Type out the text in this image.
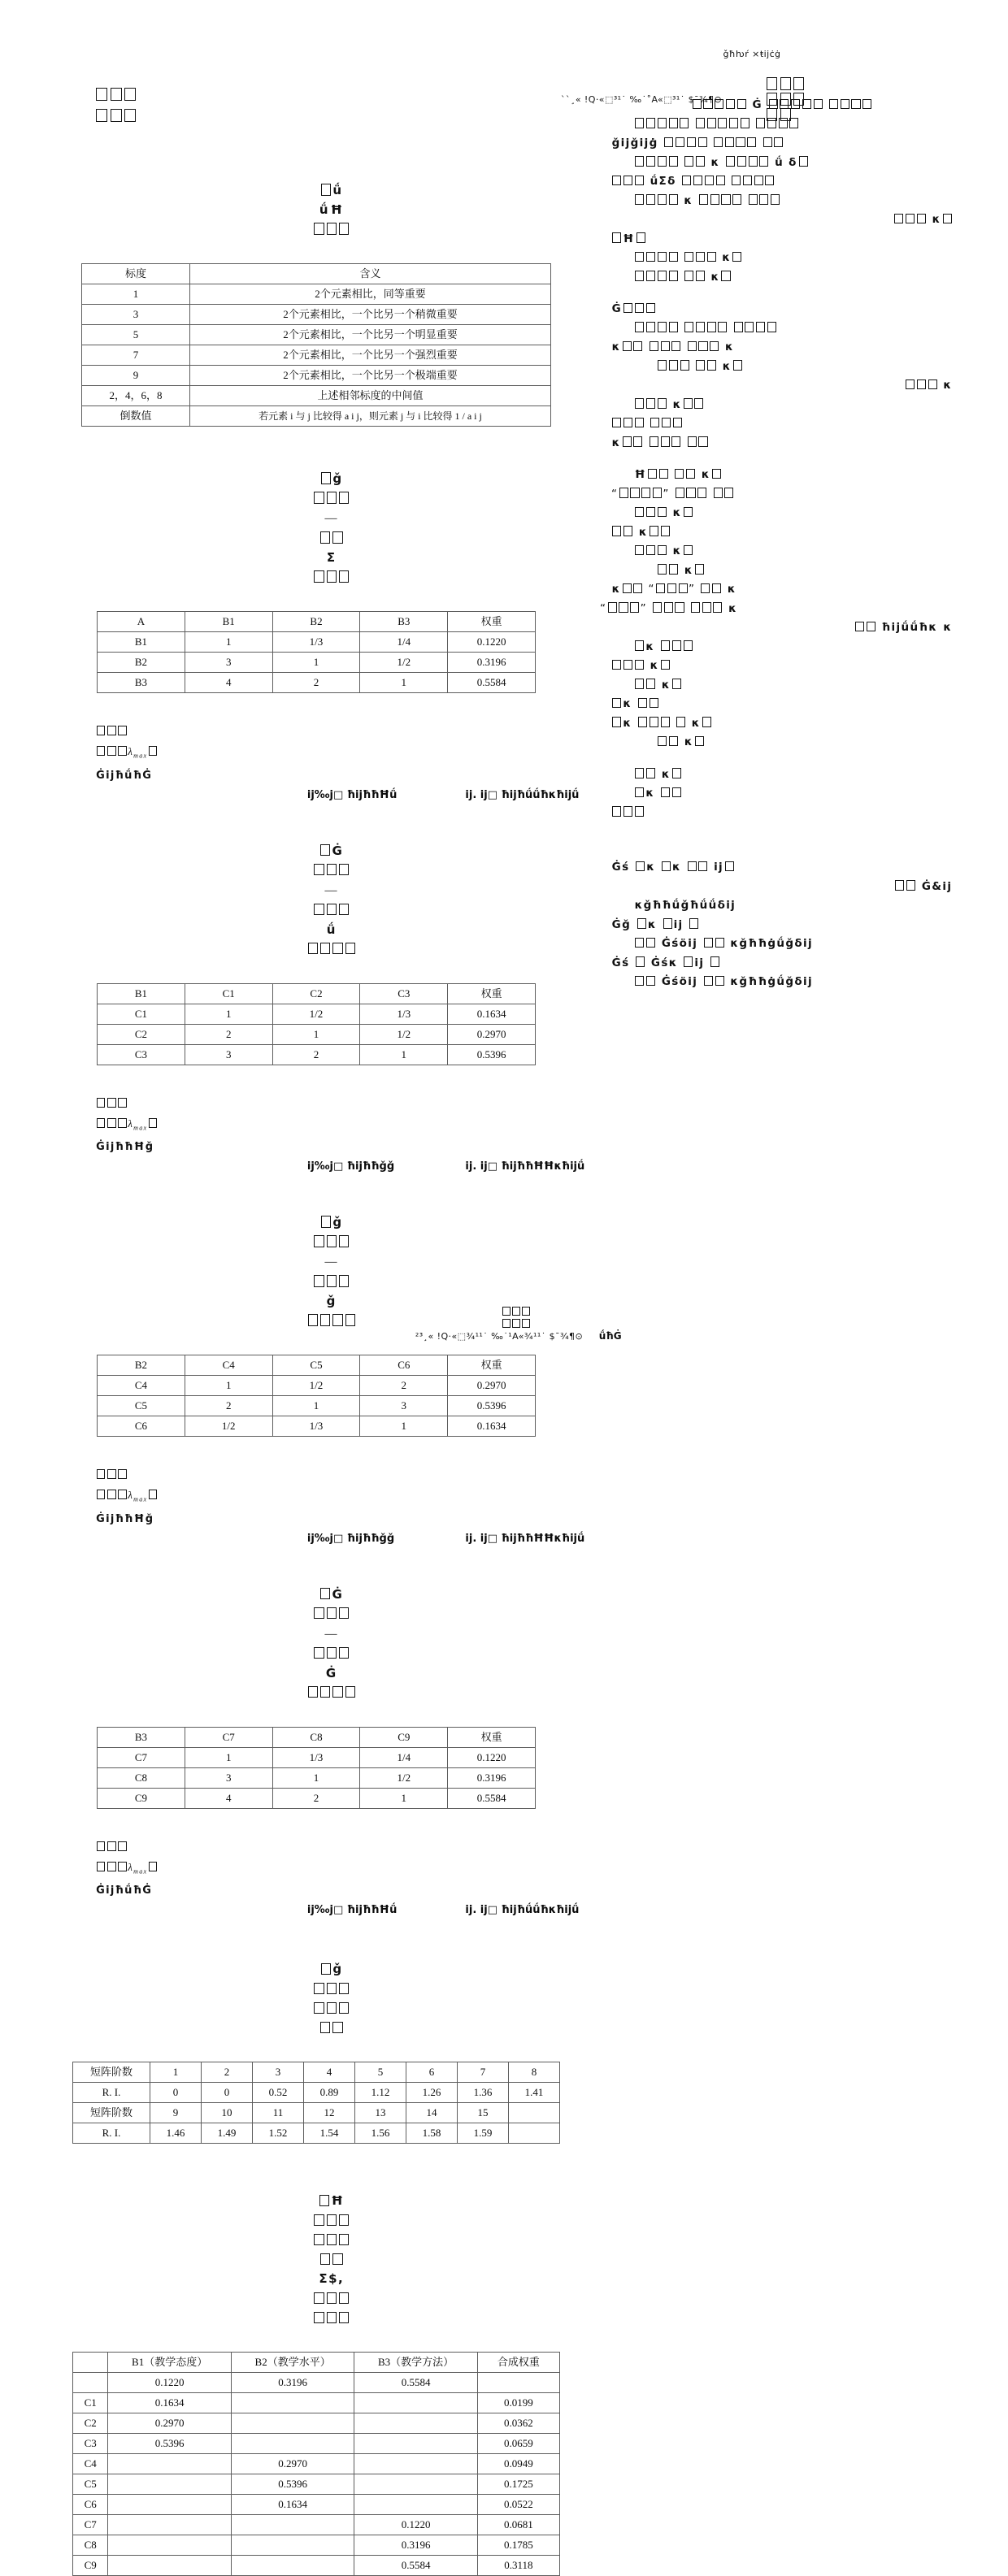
ǧħƕŕ ×ŧijċġ
ˋˋ¸« !Q·«⬚³¹˙ ‰˙˚A«⬚³¹˙ $ˉ¾¶⊙

ǘ
ǘ Ħ

标度	含义
1	2个元素相比，同等重要
3	2个元素相比，一个比另一个稍微重要
5	2个元素相比，一个比另一个明显重要
7	2个元素相比，一个比另一个强烈重要
9	2个元素相比，一个比另一个极端重要
2，4，6，8	上述相邻标度的中间值
倒数值	若元素 i 与 j 比较得 a i j，则元素 j 与 i 比较得 1 / a i j

ǧ

—

Σ

A	B1	B2	B3	权重
B1	1	1/3	1/4	0.1220
B2	3	1	1/2	0.3196
B3	4	2	1	0.5584

$\lambda_{max}$
ĠijħǘħĠ
ij‰j□ ħijħħĦǘ	ij. ij□ ħijħǘǘħκħijǘ

Ġ

—

ǘ

B1	C1	C2	C3	权重
C1	1	1/2	1/3	0.1634
C2	2	1	1/2	0.2970
C3	3	2	1	0.5396

$\lambda_{max}$
ĠijħħĦǧ
ij‰j□ ħijħħǧǧ	ij. ij□ ħijħħĦĦκħijǘ

ǧ

—

ǧ

B2	C4	C5	C6	权重
C4	1	1/2	2	0.2970
C5	2	1	3	0.5396
C6	1/2	1/3	1	0.1634

$\lambda_{max}$
ĠijħħĦǧ
ij‰j□ ħijħħǧǧ	ij. ij□ ħijħħĦĦκħijǘ

Ġ

—

Ġ

B3	C7	C8	C9	权重
C7	1	1/3	1/4	0.1220
C8	3	1	1/2	0.3196
C9	4	2	1	0.5584

$\lambda_{max}$
ĠijħǘħĠ
ij‰j□ ħijħħĦǘ	ij. ij□ ħijħǘǘħκħijǘ

ǧ

短阵阶数	1	2	3	4	5	6	7	8
R. I.	0	0	0.52	0.89	1.12	1.26	1.36	1.41
短阵阶数	9	10	11	12	13	14	15	
R. I.	1.46	1.49	1.52	1.54	1.56	1.58	1.59	

Ħ

Σ$,

	B1（教学态度）	B2（教学水平）	B3（教学方法）	合成权重
	0.1220	0.3196	0.5584	
C1	0.1634			0.0199
C2	0.2970			0.0362
C3	0.5396			0.0659
C4		0.2970		0.0949
C5		0.5396		0.1725
C6		0.1634		0.0522
C7			0.1220	0.0681
C8			0.3196	0.1785
C9			0.5584	0.3118
Ġ

ǧijǧijġ
κ	ǘ δ
ǘΣδ
κ
κ
Ħ
κ
κ
Ġ

κ	κ
κ
κ
κ

κ
Ħ	κ
“	”
κ
κ
κ
κ
κ “	”	κ
“	”	κ
ħijǘǘħκ κ
κ
κ
κ
κ
κ	κ
κ
κ
κ
Ġś κ κ	ij
Ġ&ij
κǧħħǘǧħǘǘδij
Ġǧ κ ij
Ġśöij	κǧħħġǘǧδij
Ġś Ġśκ ij
Ġśöij	κǧħħġǘǧδij

²³¸« !Q·«⬚¾¹¹˙ ‰˙¹A«¾¹¹˙ $ˉ¾¶⊙ ǘħĠ
